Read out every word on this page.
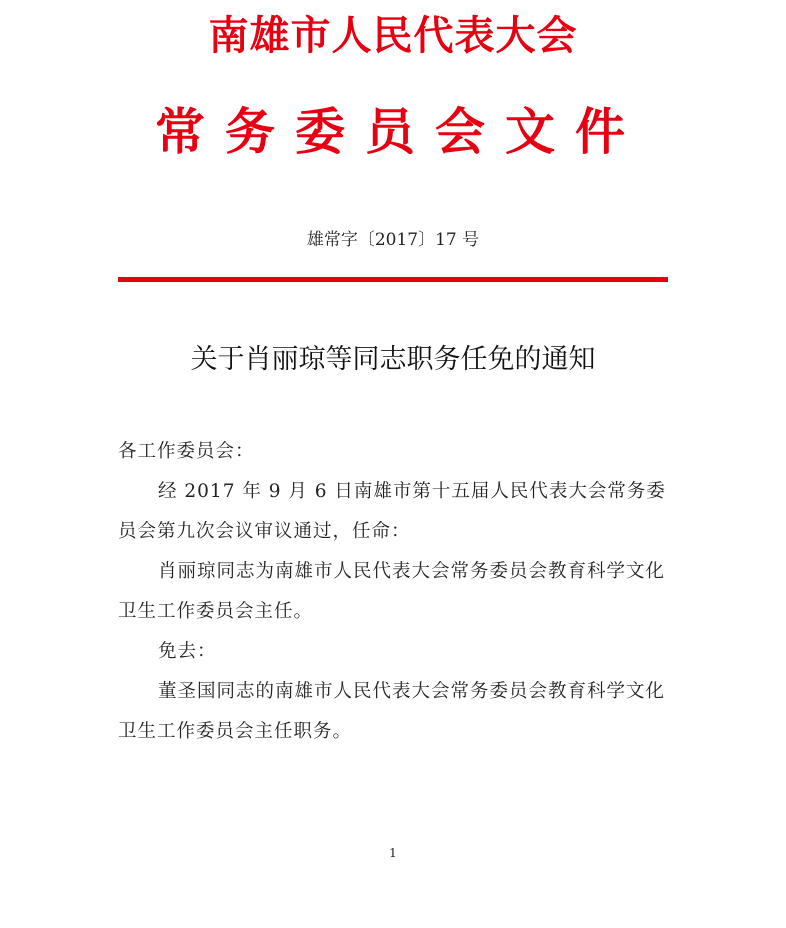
南雄市人民代表大会
常务委员会文件
雄常字〔2017〕17 号
关于肖丽琼等同志职务任免的通知

各工作委员会：

经 2017 年 9 月 6 日南雄市第十五届人民代表大会常务委员会第九次会议审议通过，任命：

肖丽琼同志为南雄市人民代表大会常务委员会教育科学文化卫生工作委员会主任。

免去：

董圣国同志的南雄市人民代表大会常务委员会教育科学文化卫生工作委员会主任职务。

1
